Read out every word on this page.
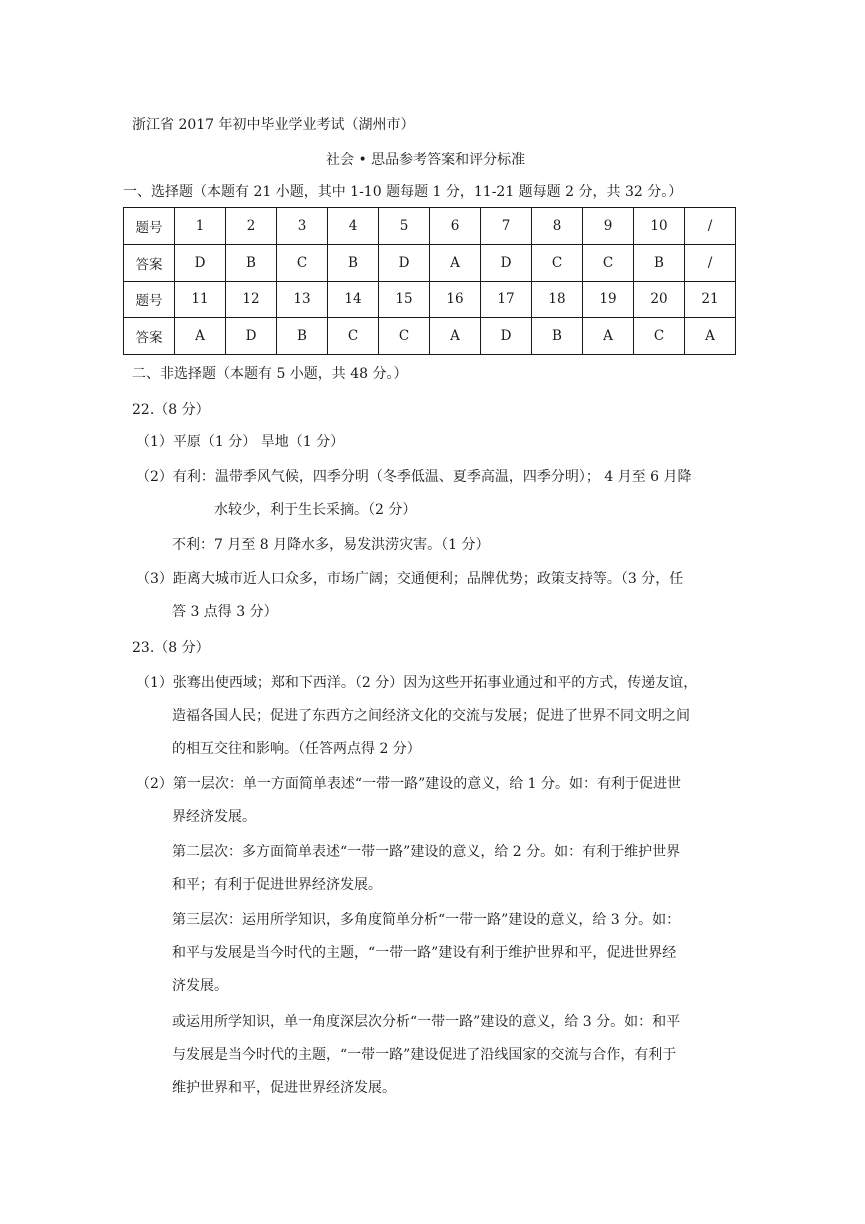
浙江省 2017 年初中毕业学业考试（湖州市）
社会 • 思品参考答案和评分标准
一、选择题（本题有 21 小题，其中 1-10 题每题 1 分，11-21 题每题 2 分，共 32 分。）
题号	1	2	3	4	5	6	7	8	9	10	/
答案	D	B	C	B	D	A	D	C	C	B	/
题号	11	12	13	14	15	16	17	18	19	20	21
答案	A	D	B	C	C	A	D	B	A	C	A
二、非选择题（本题有 5 小题，共 48 分。）
22.（8 分）
（1）平原（1 分） 旱地（1 分）
（2）有利：温带季风气候，四季分明（冬季低温、夏季高温，四季分明）； 4 月至 6 月降
水较少，利于生长采摘。（2 分）
不利：7 月至 8 月降水多，易发洪涝灾害。（1 分）
（3）距离大城市近人口众多，市场广阔；交通便利；品牌优势；政策支持等。（3 分，任
答 3 点得 3 分）
23.（8 分）
（1）张骞出使西域；郑和下西洋。（2 分）因为这些开拓事业通过和平的方式，传递友谊，
造福各国人民；促进了东西方之间经济文化的交流与发展；促进了世界不同文明之间
的相互交往和影响。（任答两点得 2 分）
（2）第一层次：单一方面简单表述“一带一路”建设的意义，给 1 分。如：有利于促进世
界经济发展。
第二层次：多方面简单表述“一带一路”建设的意义，给 2 分。如：有利于维护世界
和平；有利于促进世界经济发展。
第三层次：运用所学知识，多角度简单分析“一带一路”建设的意义，给 3 分。如：
和平与发展是当今时代的主题，“一带一路”建设有利于维护世界和平，促进世界经
济发展。
或运用所学知识，单一角度深层次分析“一带一路”建设的意义，给 3 分。如：和平
与发展是当今时代的主题，“一带一路”建设促进了沿线国家的交流与合作，有利于
维护世界和平，促进世界经济发展。
